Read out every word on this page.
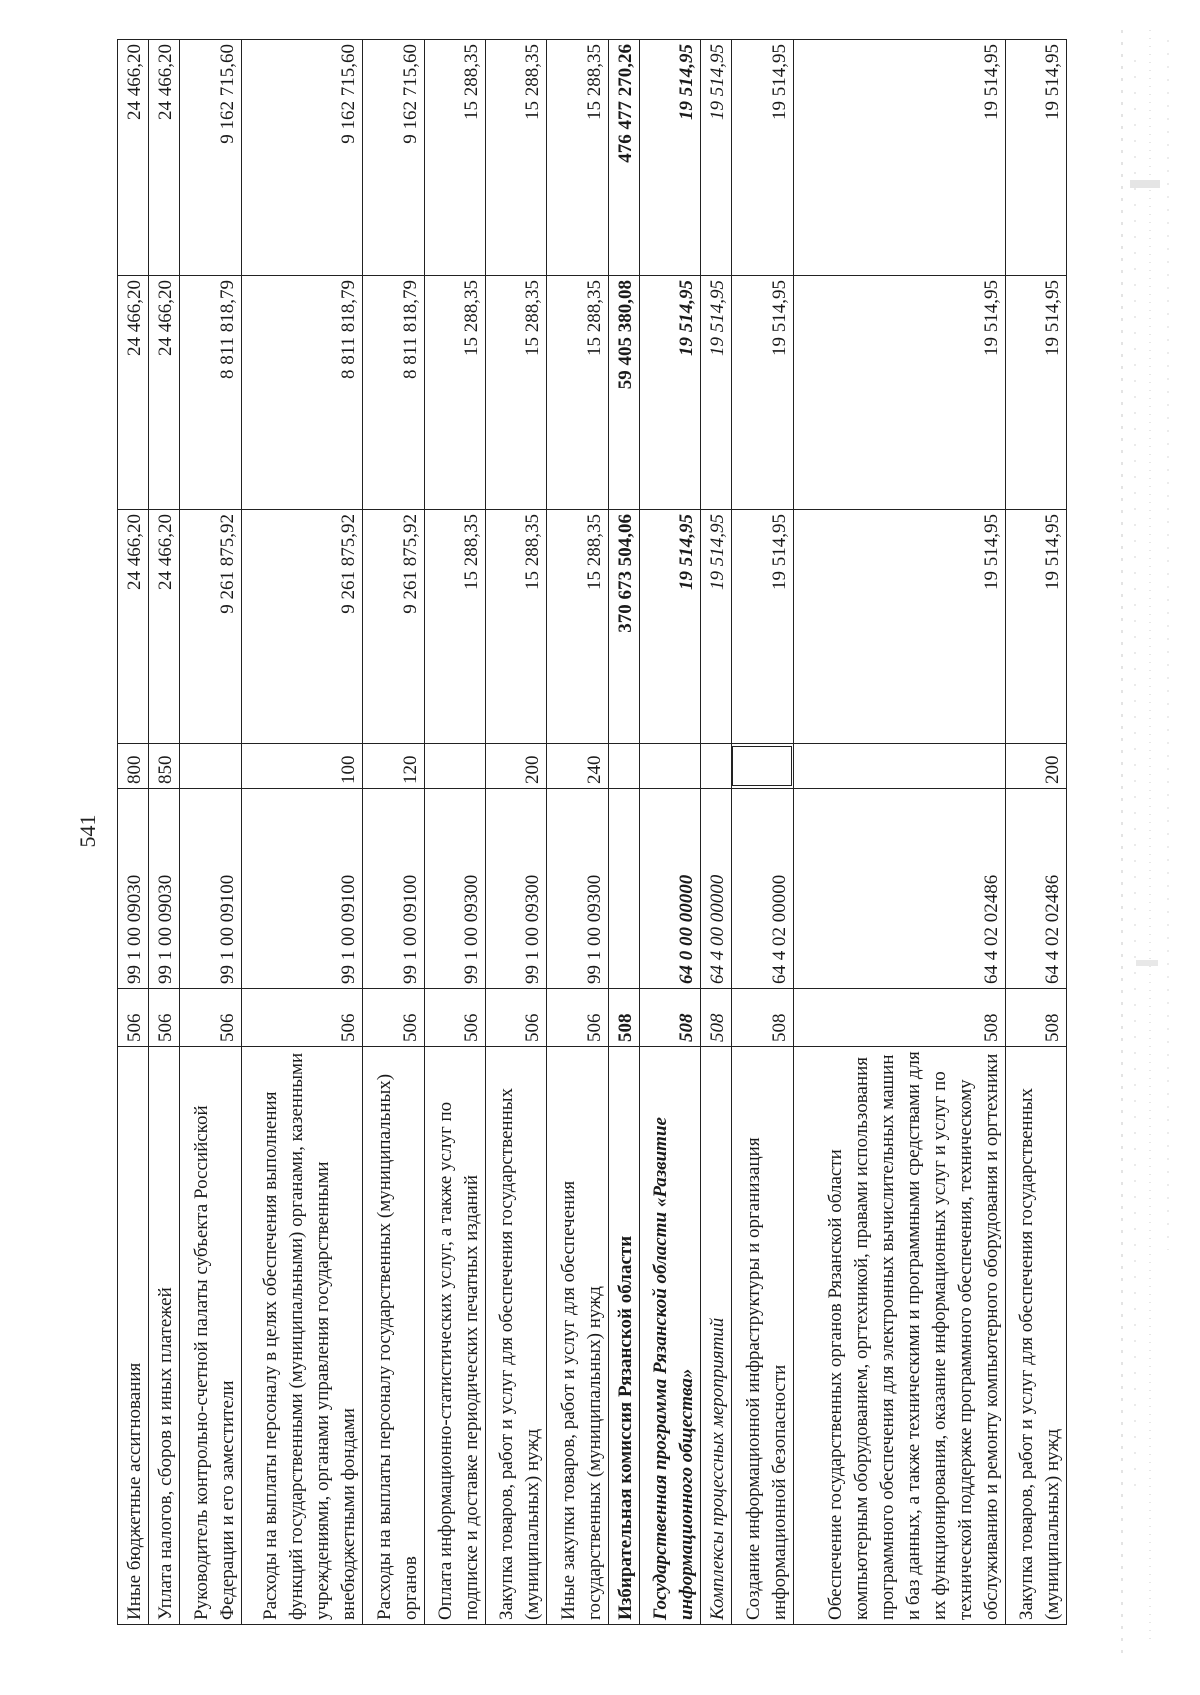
541
Иные бюджетные ассигнования	506	99 1 00 09030	800	24 466,20	24 466,20	24 466,20
Уплата налогов, сборов и иных платежей	506	99 1 00 09030	850	24 466,20	24 466,20	24 466,20
Руководитель контрольно-счетной палаты субъекта Российской Федерации и его заместители	506	99 1 00 09100		9 261 875,92	8 811 818,79	9 162 715,60
Расходы на выплаты персоналу в целях обеспечения выполнения функций государственными (муниципальными) органами, казенными учреждениями, органами управления государственными внебюджетными фондами	506	99 1 00 09100	100	9 261 875,92	8 811 818,79	9 162 715,60
Расходы на выплаты персоналу государственных (муниципальных) органов	506	99 1 00 09100	120	9 261 875,92	8 811 818,79	9 162 715,60
Оплата информационно-статистических услуг, а также услуг по подписке и доставке периодических печатных изданий	506	99 1 00 09300		15 288,35	15 288,35	15 288,35
Закупка товаров, работ и услуг для обеспечения государственных (муниципальных) нужд	506	99 1 00 09300	200	15 288,35	15 288,35	15 288,35
Иные закупки товаров, работ и услуг для обеспечения государственных (муниципальных) нужд	506	99 1 00 09300	240	15 288,35	15 288,35	15 288,35
Избирательная комиссия Рязанской области	508			370 673 504,06	59 405 380,08	476 477 270,26
Государственная программа Рязанской области «Развитие информационного общества»	508	64 0 00 00000		19 514,95	19 514,95	19 514,95
Комплексы процессных мероприятий	508	64 4 00 00000		19 514,95	19 514,95	19 514,95
Создание информационной инфраструктуры и организация информационной безопасности	508	64 4 02 00000		19 514,95	19 514,95	19 514,95
Обеспечение государственных органов Рязанской области компьютерным оборудованием, оргтехникой, правами использования программного обеспечения для электронных вычислительных машин и баз данных, а также техническими и программными средствами для их функционирования, оказание информационных услуг и услуг по технической поддержке программного обеспечения, техническому обслуживанию и ремонту компьютерного оборудования и оргтехники	508	64 4 02 02486		19 514,95	19 514,95	19 514,95
Закупка товаров, работ и услуг для обеспечения государственных (муниципальных) нужд	508	64 4 02 02486	200	19 514,95	19 514,95	19 514,95
